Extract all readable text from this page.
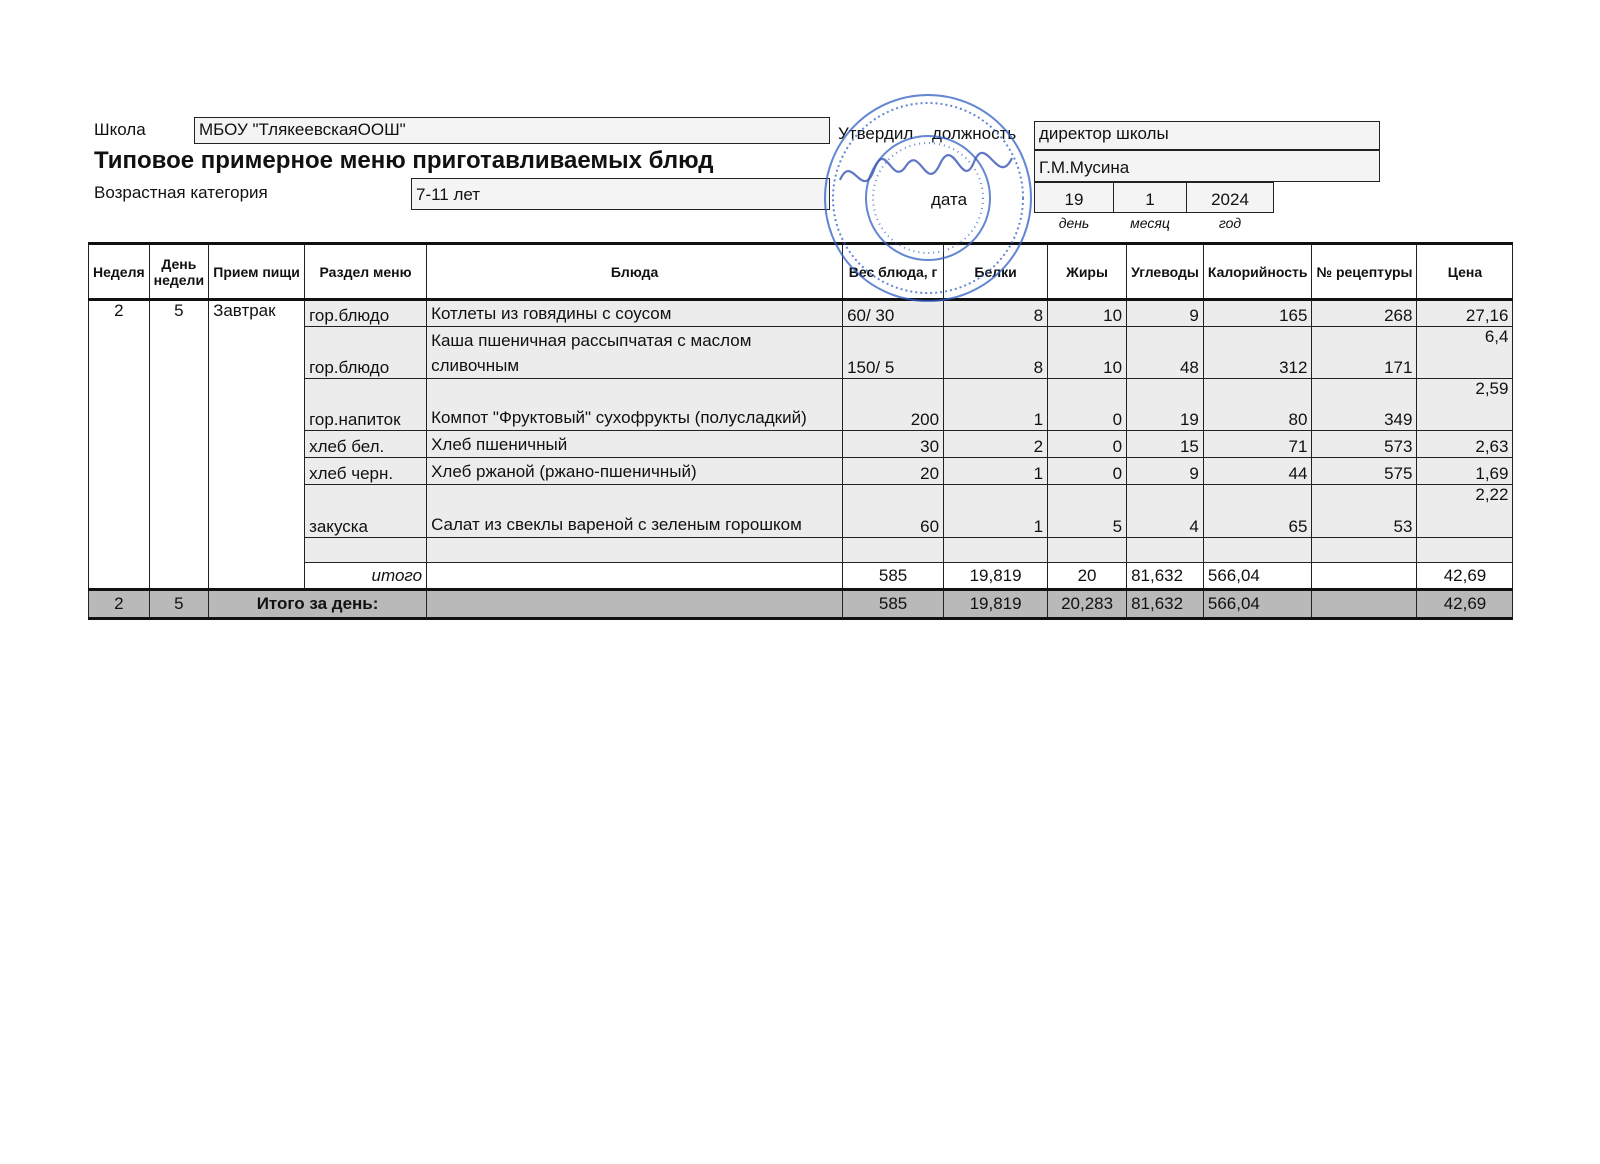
Школа	МБОУ "ТлякеевскаяООШ"	Утвердил должность директор школы
Типовое примерное меню приготавливаемых блюд	Г.М.Мусина
Возрастная категория	7-11 лет	дата	19	1	2024
день	месяц	год
Неделя	День недели	Прием пищи	Раздел меню	Блюда	Вес блюда, г	Белки	Жиры	Углеводы	Калорийность	№ рецептуры	Цена
2	5	Завтрак	гор.блюдо	Котлеты из говядины с соусом	60/ 30	8	10	9	165	268	27,16
			гор.блюдо	Каша пшеничная рассыпчатая с маслом сливочным	150/ 5	8	10	48	312	171	6,4
			гор.напиток	Компот "Фруктовый" сухофрукты (полусладкий)	200	1	0	19	80	349	2,59
			хлеб бел.	Хлеб пшеничный	30	2	0	15	71	573	2,63
			хлеб черн.	Хлеб ржаной (ржано-пшеничный)	20	1	0	9	44	575	1,69
			закуска	Салат из свеклы вареной с зеленым горошком	60	1	5	4	65	53	2,22

			итого		585	19,819	20	81,632	566,04		42,69
2	5	Итого за день:			585	19,819	20,283	81,632	566,04		42,69
